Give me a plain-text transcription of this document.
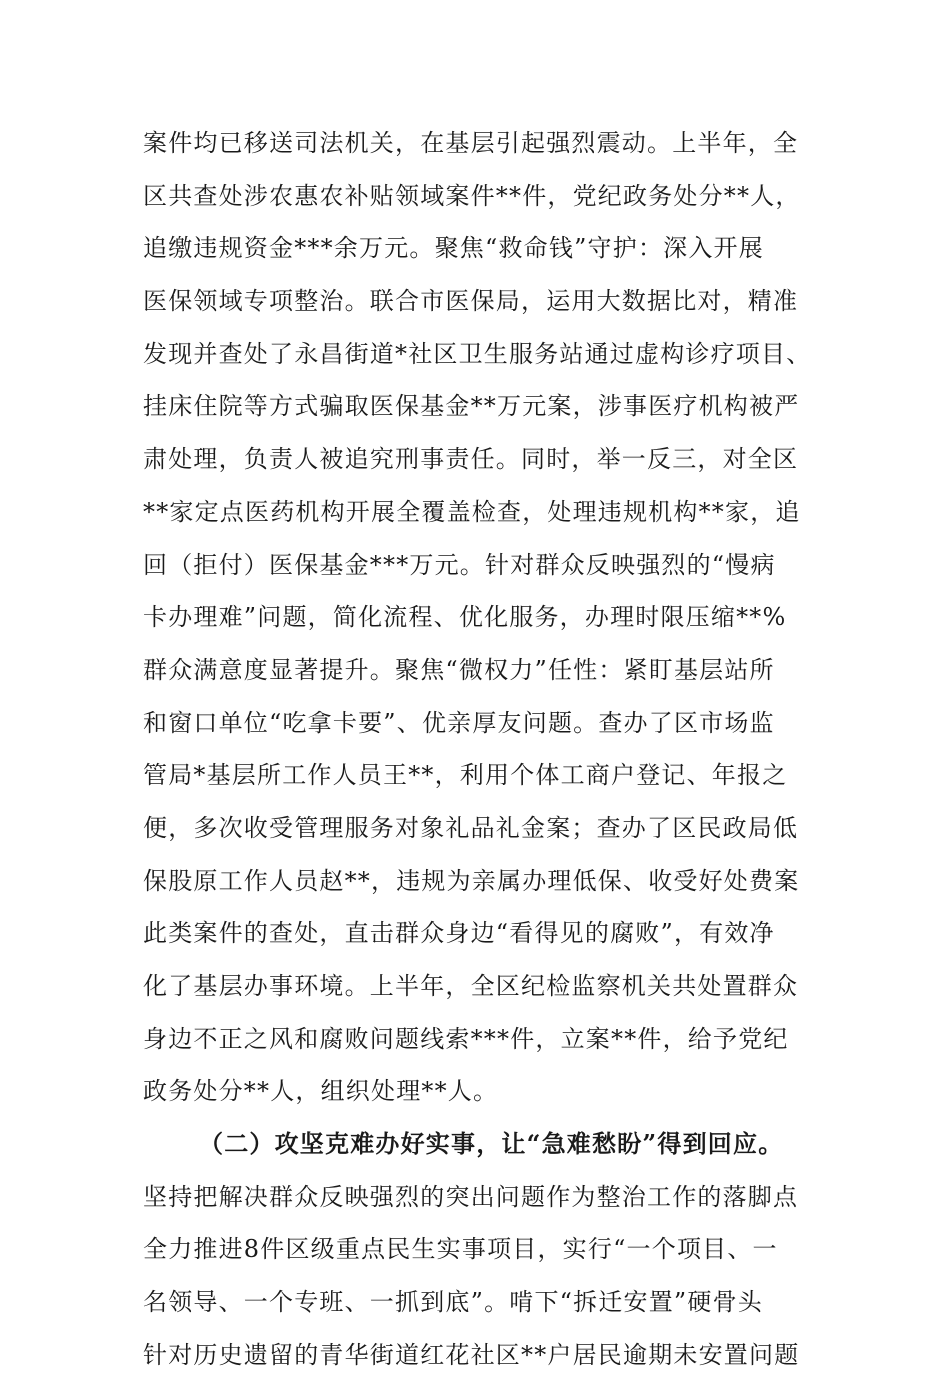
案件均已移送司法机关，在基层引起强烈震动。上半年，全
区共查处涉农惠农补贴领域案件**件，党纪政务处分**人，
追缴违规资金***余万元。聚焦“救命钱”守护：深入开展
医保领域专项整治。联合市医保局，运用大数据比对，精准
发现并查处了永昌街道*社区卫生服务站通过虚构诊疗项目、
挂床住院等方式骗取医保基金**万元案，涉事医疗机构被严
肃处理，负责人被追究刑事责任。同时，举一反三，对全区
**家定点医药机构开展全覆盖检查，处理违规机构**家，追
回（拒付）医保基金***万元。针对群众反映强烈的“慢病
卡办理难”问题，简化流程、优化服务，办理时限压缩**%
群众满意度显著提升。聚焦“微权力”任性：紧盯基层站所
和窗口单位“吃拿卡要”、优亲厚友问题。查办了区市场监
管局*基层所工作人员王**，利用个体工商户登记、年报之
便，多次收受管理服务对象礼品礼金案；查办了区民政局低
保股原工作人员赵**，违规为亲属办理低保、收受好处费案
此类案件的查处，直击群众身边“看得见的腐败”，有效净
化了基层办事环境。上半年，全区纪检监察机关共处置群众
身边不正之风和腐败问题线索***件，立案**件，给予党纪
政务处分**人，组织处理**人。
（二）攻坚克难办好实事，让“急难愁盼”得到回应。
坚持把解决群众反映强烈的突出问题作为整治工作的落脚点
全力推进8件区级重点民生实事项目，实行“一个项目、一
名领导、一个专班、一抓到底”。啃下“拆迁安置”硬骨头
针对历史遗留的青华街道红花社区**户居民逾期未安置问题
